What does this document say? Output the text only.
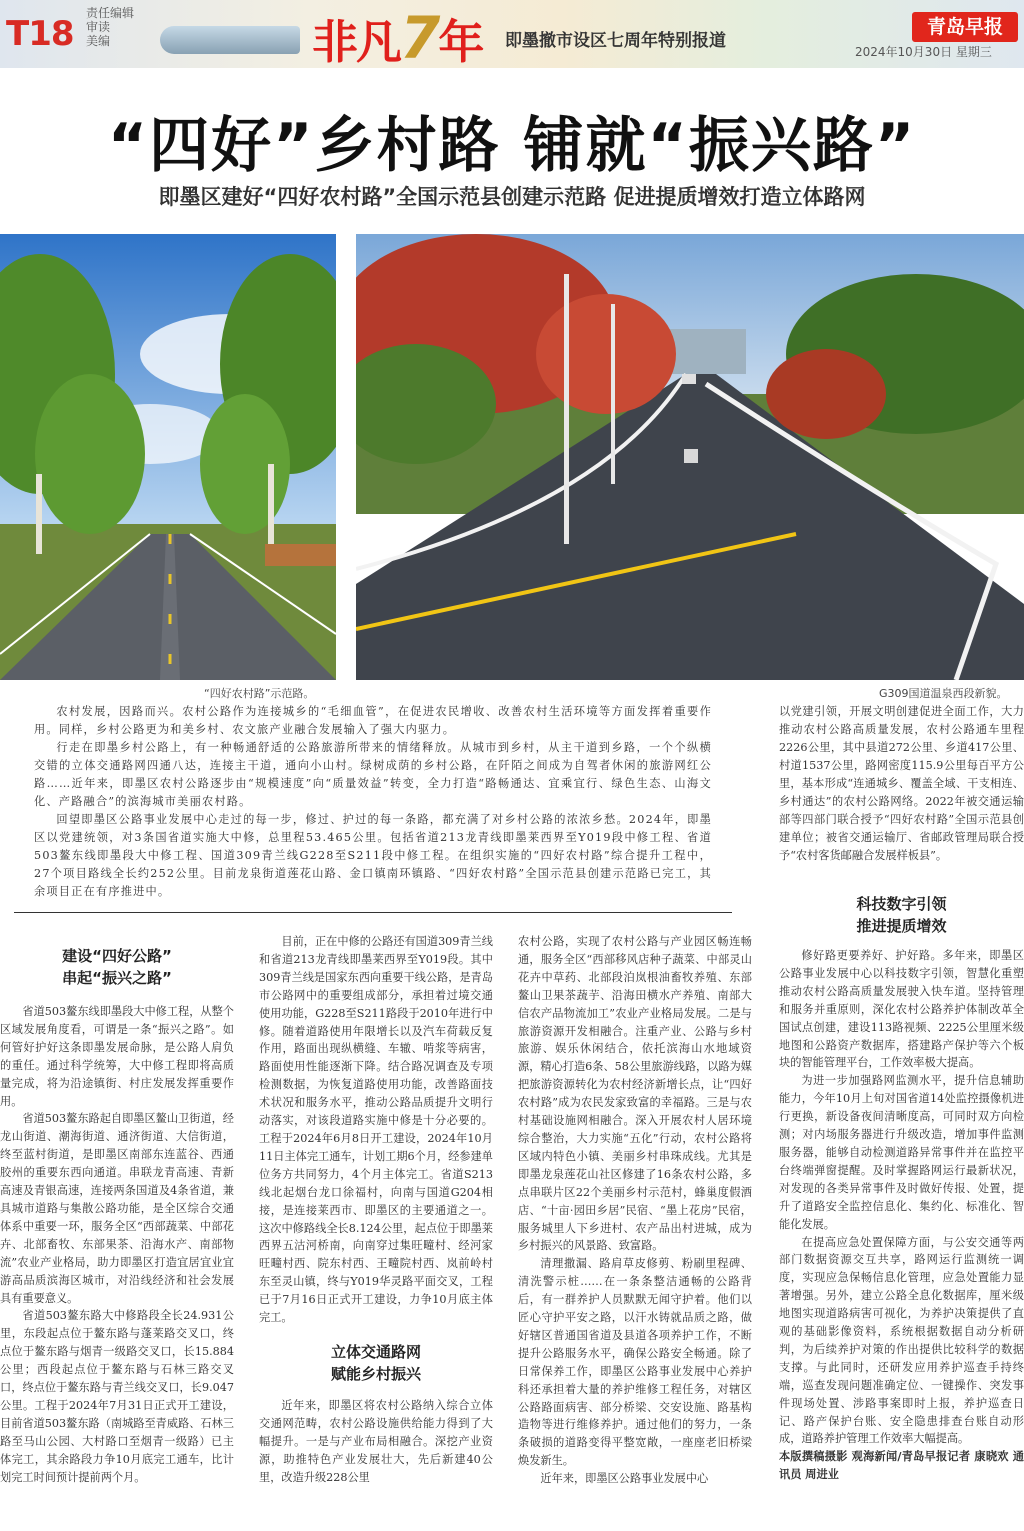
T18
责任编辑
审读
美编	非凡7年 即墨撤市设区七周年特别报道
青岛早报
2024年10月30日 星期三
“四好”乡村路 铺就“振兴路”
即墨区建好“四好农村路”全国示范县创建示范路 促进提质增效打造立体路网
“四好农村路”示范路。	G309国道温泉西段新貌。

农村发展，因路而兴。农村公路作为连接城乡的“毛细血管”，在促进农民增收、改善农村生活环境等方面发挥着重要作用。同样，乡村公路更为和美乡村、农文旅产业融合发展输入了强大内驱力。

行走在即墨乡村公路上，有一种畅通舒适的公路旅游所带来的情绪释放。从城市到乡村，从主干道到乡路，一个个纵横交错的立体交通路网四通八达，连接主干道，通向小山村。绿树成荫的乡村公路，在阡陌之间成为自驾者休闲的旅游网红公路……近年来，即墨区农村公路逐步由“规模速度”向“质量效益”转变，全力打造“路畅通达、宜乘宜行、绿色生态、山海文化、产路融合”的滨海城市美丽农村路。

回望即墨区公路事业发展中心走过的每一步，修过、护过的每一条路，都充满了对乡村公路的浓浓乡愁。2024年，即墨区以党建统领，对3条国省道实施大中修，总里程53.465公里。包括省道213龙青线即墨莱西界至Y019段中修工程、省道503鳌东线即墨段大中修工程、国道309青兰线G228至S211段中修工程。在组织实施的“四好农村路”综合提升工程中，27个项目路线全长约252公里。目前龙泉街道莲花山路、金口镇南环镇路、“四好农村路”全国示范县创建示范路已完工，其余项目正在有序推进中。

以党建引领，开展文明创建促进全面工作，大力推动农村公路高质量发展，农村公路通车里程2226公里，其中县道272公里、乡道417公里、村道1537公里，路网密度115.9公里每百平方公里，基本形成“连通城乡、覆盖全域、干支相连、乡村通达”的农村公路网络。2022年被交通运输部等四部门联合授予“四好农村路”全国示范县创建单位；被省交通运输厅、省邮政管理局联合授予“农村客货邮融合发展样板县”。
建设“四好公路”
串起“振兴之路”

省道503鳌东线即墨段大中修工程，从整个区域发展角度看，可谓是一条“振兴之路”。如何管好护好这条即墨发展命脉，是公路人肩负的重任。通过科学统筹，大中修工程即将高质量完成，将为沿途镇街、村庄发展发挥重要作用。

省道503鳌东路起自即墨区鳌山卫街道，经龙山街道、潮海街道、通济街道、大信街道，终至蓝村街道，是即墨区南部东连蓝谷、西通胶州的重要东西向通道。串联龙青高速、青新高速及青银高速，连接两条国道及4条省道，兼具城市道路与集散公路功能，是全区综合交通体系中重要一环，服务全区“西部蔬菜、中部花卉、北部畜牧、东部果茶、沿海水产、南部物流”农业产业格局，助力即墨区打造宜居宜业宜游高品质滨海区城市，对沿线经济和社会发展具有重要意义。

省道503鳌东路大中修路段全长24.931公里，东段起点位于鳌东路与蓬莱路交叉口，终点位于鳌东路与烟青一级路交叉口，长15.884公里；西段起点位于鳌东路与石林三路交叉口，终点位于鳌东路与青兰线交叉口，长9.047公里。工程于2024年7月31日正式开工建设，目前省道503鳌东路（南城路至青威路、石林三路至马山公园、大村路口至烟青一级路）已主体完工，其余路段力争10月底完工通车，比计划完工时间预计提前两个月。

目前，正在中修的公路还有国道309青兰线和省道213龙青线即墨莱西界至Y019段。其中309青兰线是国家东西向重要干线公路，是青岛市公路网中的重要组成部分，承担着过境交通使用功能，G228至S211路段于2010年进行中修。随着道路使用年限增长以及汽车荷载反复作用，路面出现纵横缝、车辙、啃浆等病害，路面使用性能逐渐下降。结合路况调查及专项检测数据，为恢复道路使用功能，改善路面技术状况和服务水平，推动公路品质提升文明行动落实，对该段道路实施中修是十分必要的。工程于2024年6月8日开工建设，2024年10月11日主体完工通车，计划工期6个月，经参建单位务方共同努力，4个月主体完工。省道S213线北起烟台龙口徐福村，向南与国道G204相接，是连接莱西市、即墨区的主要通道之一。这次中修路线全长8.124公里，起点位于即墨莱西界五沽河桥南，向南穿过集旺疃村、经河家旺疃村西、院东村西、王疃院村西、岚前岭村东至灵山镇，终与Y019华灵路平面交叉，工程已于7月16日正式开工建设，力争10月底主体完工。

立体交通路网
赋能乡村振兴

近年来，即墨区将农村公路纳入综合立体交通网范畴，农村公路设施供给能力得到了大幅提升。一是与产业布局相融合。深挖产业资源，助推特色产业发展壮大，先后新建40公里，改造升级228公里

农村公路，实现了农村公路与产业园区畅连畅通，服务全区“西部移风店种子蔬菜、中部灵山花卉中草药、北部段泊岚根油畜牧养殖、东部鳌山卫果茶蔬芋、沿海田横水产养殖、南部大信农产品物流加工”农业产业格局发展。二是与旅游资源开发相融合。注重产业、公路与乡村旅游、娱乐休闲结合，依托滨海山水地域资源，精心打造6条、58公里旅游线路，以路为媒把旅游资源转化为农村经济新增长点，让“四好农村路”成为农民发家致富的幸福路。三是与农村基础设施网相融合。深入开展农村人居环境综合整治，大力实施“五化”行动，农村公路将区域内特色小镇、美丽乡村串珠成线。尤其是即墨龙泉莲花山社区修建了16条农村公路，多点串联片区22个美丽乡村示范村，蜂巢度假酒店、“十亩·园田乡居”民宿、“墨上花房”民宿，服务城里人下乡进村、农产品出村进城，成为乡村振兴的风景路、致富路。

清理撒漏、路肩草皮修剪、粉刷里程碑、清洗警示桩……在一条条整洁通畅的公路背后，有一群养护人员默默无闻守护着。他们以匠心守护平安之路，以汗水铸就品质之路，做好辖区普通国省道及县道各项养护工作，不断提升公路服务水平，确保公路安全畅通。除了日常保养工作，即墨区公路事业发展中心养护科还承担着大量的养护维修工程任务，对辖区公路路面病害、部分桥梁、交安设施、路基构造物等进行维修养护。通过他们的努力，一条条破损的道路变得平整宽敞，一座座老旧桥梁焕发新生。

近年来，即墨区公路事业发展中心

科技数字引领
推进提质增效

修好路更要养好、护好路。多年来，即墨区公路事业发展中心以科技数字引领，智慧化重塑推动农村公路高质量发展驶入快车道。坚持管理和服务并重原则，深化农村公路养护体制改革全国试点创建，建设113路视频、2225公里厘米级地图和公路资产数据库，搭建路产保护等六个板块的智能管理平台，工作效率极大提高。

为进一步加强路网监测水平，提升信息辅助能力，今年10月上旬对国省道14处监控摄像机进行更换，新设备夜间清晰度高，可同时双方向检测；对内场服务器进行升级改造，增加事件监测服务器，能够自动检测道路异常事件并在监控平台终端弹窗提醒。及时掌握路网运行最新状况，对发现的各类异常事件及时做好传报、处置，提升了道路安全监控信息化、集约化、标准化、智能化发展。

在提高应急处置保障方面，与公安交通等两部门数据资源交互共享，路网运行监测统一调度，实现应急保畅信息化管理，应急处置能力显著增强。另外，建立公路全息化数据库，厘米级地图实现道路病害可视化，为养护决策提供了直观的基础影像资料，系统根据数据自动分析研判，为后续养护对策的作出提供比较科学的数据支撑。与此同时，还研发应用养护巡查手持终端，巡查发现问题准确定位、一键操作、突发事件现场处置、涉路事案即时上报，养护巡查日记、路产保护台账、安全隐患排查台账自动形成，道路养护管理工作效率大幅提高。

本版撰稿摄影 观海新闻/青岛早报记者 康晓欢 通讯员 周进业
